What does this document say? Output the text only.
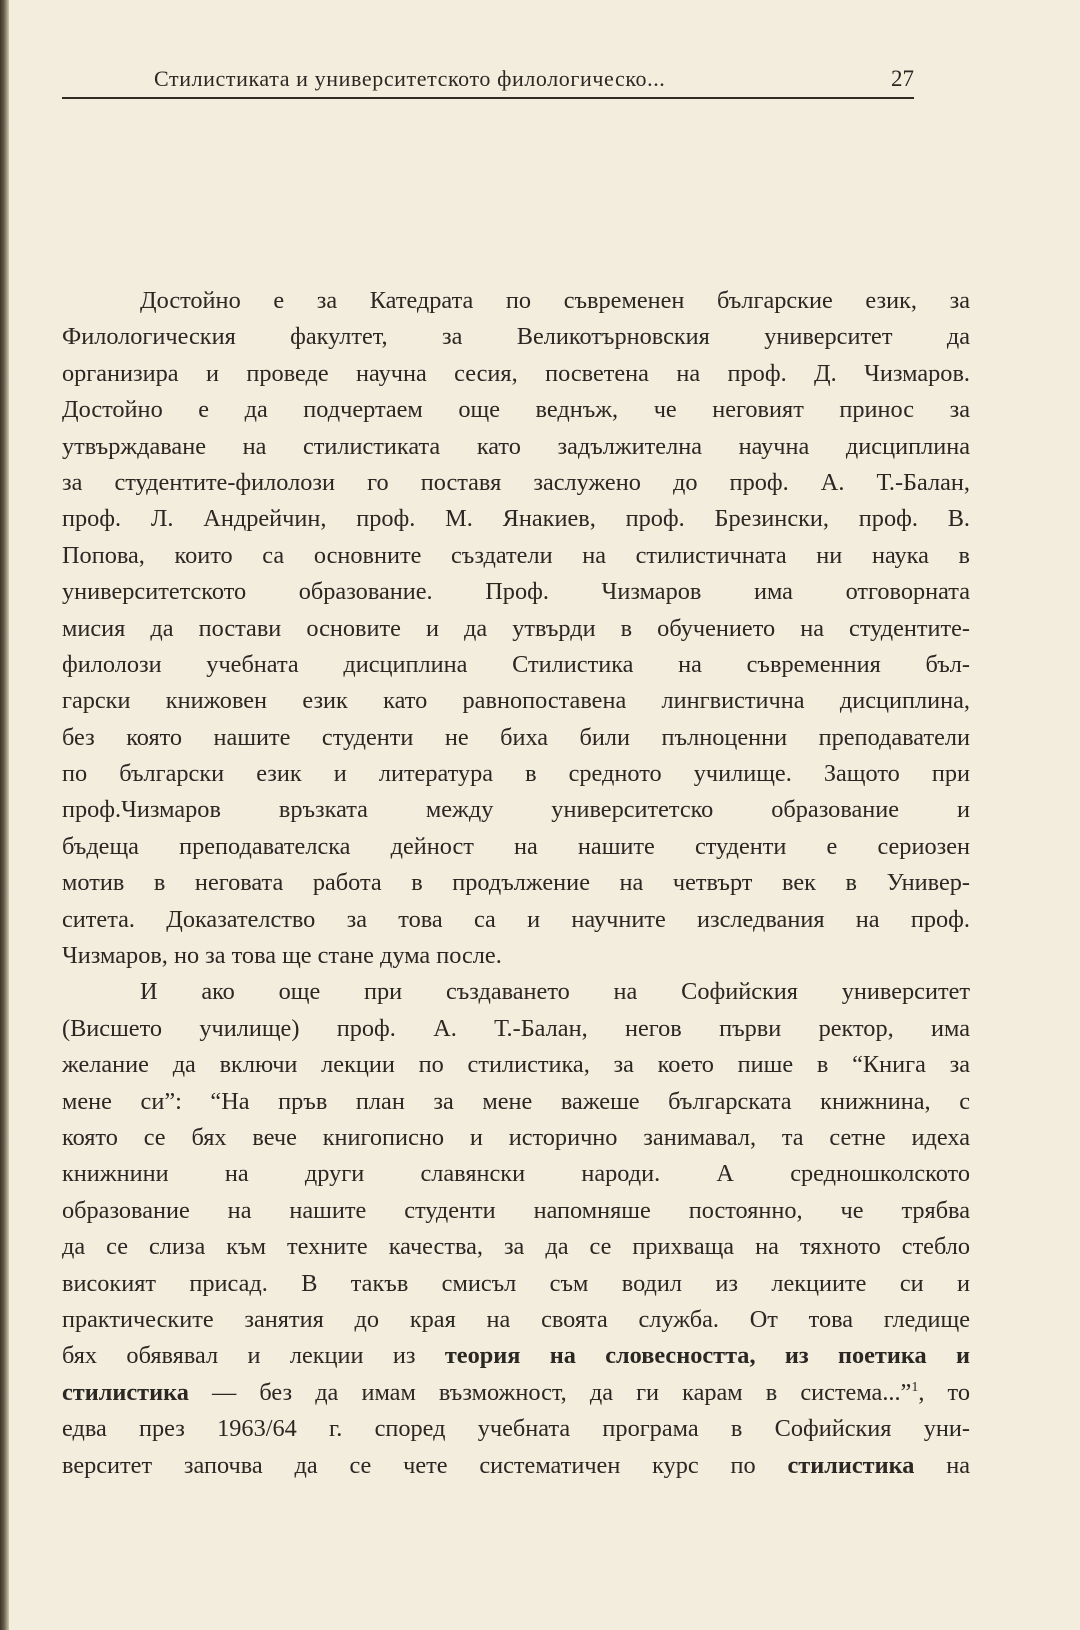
Стилистиката и университетското филологическо...	27
Достойно е за Катедрата по съвременен българские език, за
Филологическия факултет, за Великотърновския университет да
организира и проведе научна сесия, посветена на проф. Д. Чизмаров.
Достойно е да подчертаем още веднъж, че неговият принос за
утвърждаване на стилистиката като задължителна научна дисциплина
за студентите-филолози го поставя заслужено до проф. А. Т.-Балан,
проф. Л. Андрейчин, проф. М. Янакиев, проф. Брезински, проф. В.
Попова, които са основните създатели на стилистичната ни наука в
университетското образование. Проф. Чизмаров има отговорната
мисия да постави основите и да утвърди в обучението на студентите-
филолози учебната дисциплина Стилистика на съвременния бъл-
гарски книжовен език като равнопоставена лингвистична дисциплина,
без която нашите студенти не биха били пълноценни преподаватели
по български език и литература в средното училище. Защото при
проф.Чизмаров връзката между университетско образование и
бъдеща преподавателска дейност на нашите студенти е сериозен
мотив в неговата работа в продължение на четвърт век в Универ-
ситета. Доказателство за това са и научните изследвания на проф.
Чизмаров, но за това ще стане дума после.
И ако още при създаването на Софийския университет
(Висшето училище) проф. А. Т.-Балан, негов първи ректор, има
желание да включи лекции по стилистика, за което пише в “Книга за
мене си”: “На пръв план за мене важеше българската книжнина, с
която се бях вече книгописно и исторично занимавал, та сетне идеха
книжнини на други славянски народи. А средношколското
образование на нашите студенти напомняше постоянно, че трябва
да се слиза към техните качества, за да се прихваща на тяхното стебло
високият присад. В такъв смисъл съм водил из лекциите си и
практическите занятия до края на своята служба. От това гледище
бях обявявал и лекции из теория на словесността, из поетика и
стилистика — без да имам възможност, да ги карам в система...”$^1$, то
едва през 1963/64 г. според учебната програма в Софийския уни-
верситет започва да се чете систематичен курс по стилистика на
